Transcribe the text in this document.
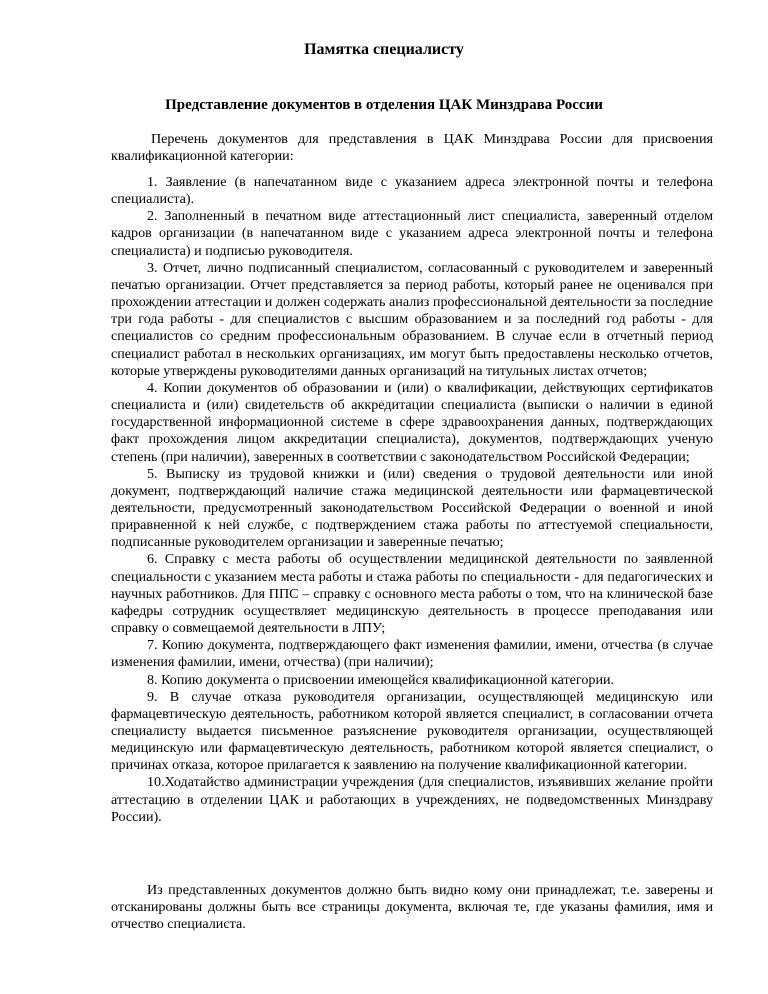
Памятка специалисту
Представление документов в отделения ЦАК Минздрава России

Перечень документов для представления в ЦАК Минздрава России для присвоения квалификационной категории:

1. Заявление (в напечатанном виде с указанием адреса электронной почты и телефона специалиста).

2. Заполненный в печатном виде аттестационный лист специалиста, заверенный отделом кадров организации (в напечатанном виде с указанием адреса электронной почты и телефона специалиста) и подписью руководителя.

3. Отчет, лично подписанный специалистом, согласованный с руководителем и заверенный печатью организации. Отчет представляется за период работы, который ранее не оценивался при прохождении аттестации и должен содержать анализ профессиональной деятельности за последние три года работы - для специалистов с высшим образованием и за последний год работы - для специалистов со средним профессиональным образованием. В случае если в отчетный период специалист работал в нескольких организациях, им могут быть предоставлены несколько отчетов, которые утверждены руководителями данных организаций на титульных листах отчетов;

4. Копии документов об образовании и (или) о квалификации, действующих сертификатов специалиста и (или) свидетельств об аккредитации специалиста (выписки о наличии в единой государственной информационной системе в сфере здравоохранения данных, подтверждающих факт прохождения лицом аккредитации специалиста), документов, подтверждающих ученую степень (при наличии), заверенных в соответствии с законодательством Российской Федерации;

5. Выписку из трудовой книжки и (или) сведения о трудовой деятельности или иной документ, подтверждающий наличие стажа медицинской деятельности или фармацевтической деятельности, предусмотренный законодательством Российской Федерации о военной и иной приравненной к ней службе, с подтверждением стажа работы по аттестуемой специальности, подписанные руководителем организации и заверенные печатью;

6. Справку с места работы об осуществлении медицинской деятельности по заявленной специальности с указанием места работы и стажа работы по специальности - для педагогических и научных работников. Для ППС – справку с основного места работы о том, что на клинической базе кафедры сотрудник осуществляет медицинскую деятельность в процессе преподавания или справку о совмещаемой деятельности в ЛПУ;

7. Копию документа, подтверждающего факт изменения фамилии, имени, отчества (в случае изменения фамилии, имени, отчества) (при наличии);

8. Копию документа о присвоении имеющейся квалификационной категории.

9. В случае отказа руководителя организации, осуществляющей медицинскую или фармацевтическую деятельность, работником которой является специалист, в согласовании отчета специалисту выдается письменное разъяснение руководителя организации, осуществляющей медицинскую или фармацевтическую деятельность, работником которой является специалист, о причинах отказа, которое прилагается к заявлению на получение квалификационной категории.

10.Ходатайство администрации учреждения (для специалистов, изъявивших желание пройти аттестацию в отделении ЦАК и работающих в учреждениях, не подведомственных Минздраву России).

Из представленных документов должно быть видно кому они принадлежат, т.е. заверены и отсканированы должны быть все страницы документа, включая те, где указаны фамилия, имя и отчество специалиста.
